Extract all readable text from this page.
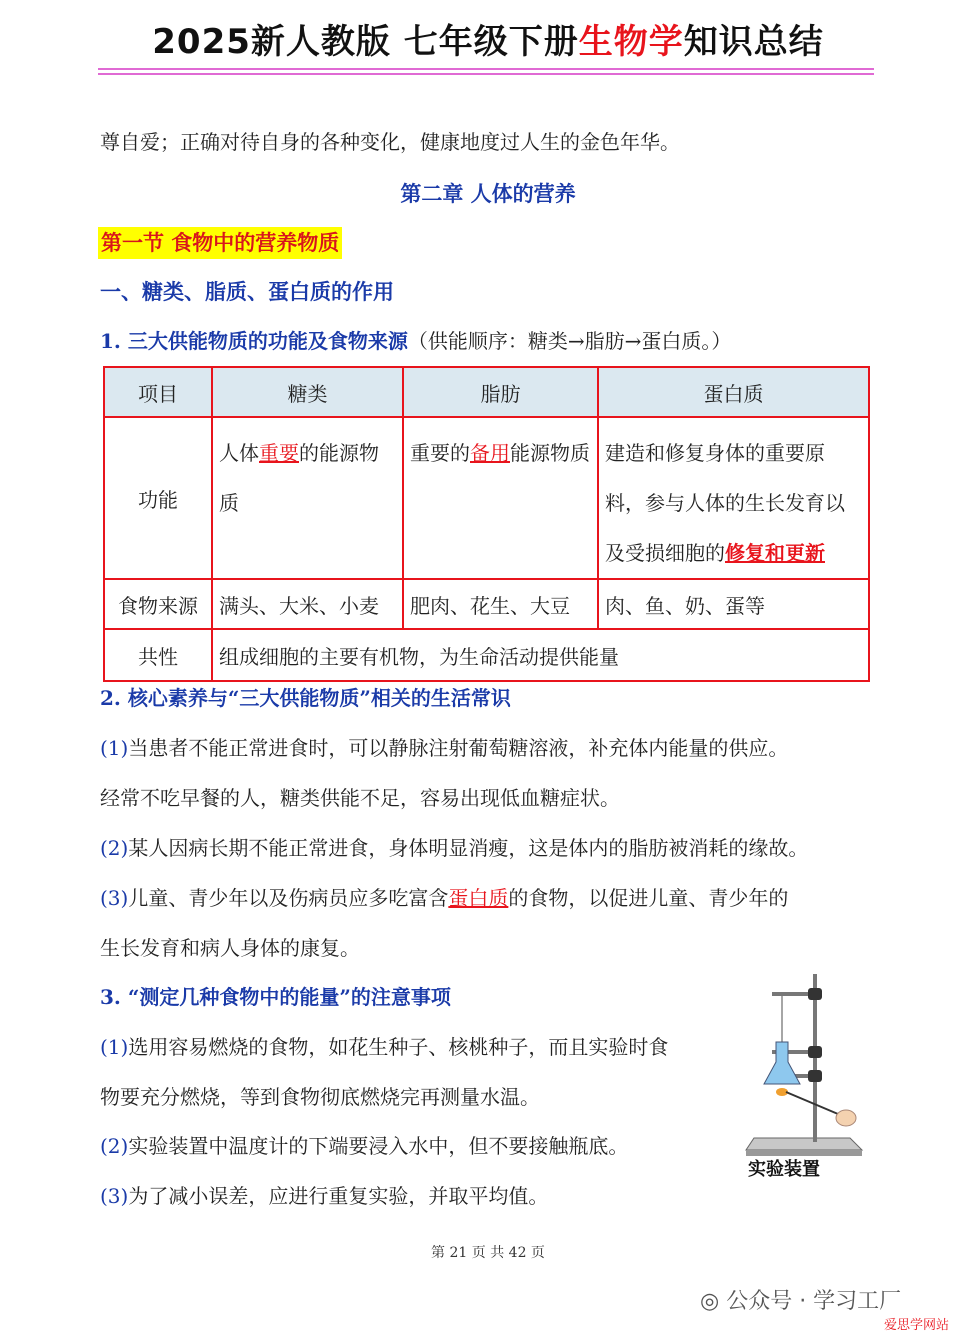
2025新人教版 七年级下册生物学知识总结
尊自爱；正确对待自身的各种变化，健康地度过人生的金色年华。
第二章 人体的营养
第一节 食物中的营养物质
一、糖类、脂质、蛋白质的作用
1. 三大供能物质的功能及食物来源（供能顺序：糖类→脂肪→蛋白质。）
项目	糖类	脂肪	蛋白质
功能	人体重要的能源物质	重要的备用能源物质	建造和修复身体的重要原料，参与人体的生长发育以及受损细胞的修复和更新
食物来源	满头、大米、小麦	肥肉、花生、大豆	肉、鱼、奶、蛋等
共性	组成细胞的主要有机物，为生命活动提供能量		
2. 核心素养与“三大供能物质”相关的生活常识
(1)当患者不能正常进食时，可以静脉注射葡萄糖溶液，补充体内能量的供应。
经常不吃早餐的人，糖类供能不足，容易出现低血糖症状。
(2)某人因病长期不能正常进食，身体明显消瘦，这是体内的脂肪被消耗的缘故。
(3)儿童、青少年以及伤病员应多吃富含蛋白质的食物，以促进儿童、青少年的
生长发育和病人身体的康复。
3. “测定几种食物中的能量”的注意事项
(1)选用容易燃烧的食物，如花生种子、核桃种子，而且实验时食
物要充分燃烧，等到食物彻底燃烧完再测量水温。
(2)实验装置中温度计的下端要浸入水中，但不要接触瓶底。
(3)为了减小误差，应进行重复实验，并取平均值。
实验装置
第 21 页 共 42 页
◎ 公众号 · 学习工厂
爱思学网站
